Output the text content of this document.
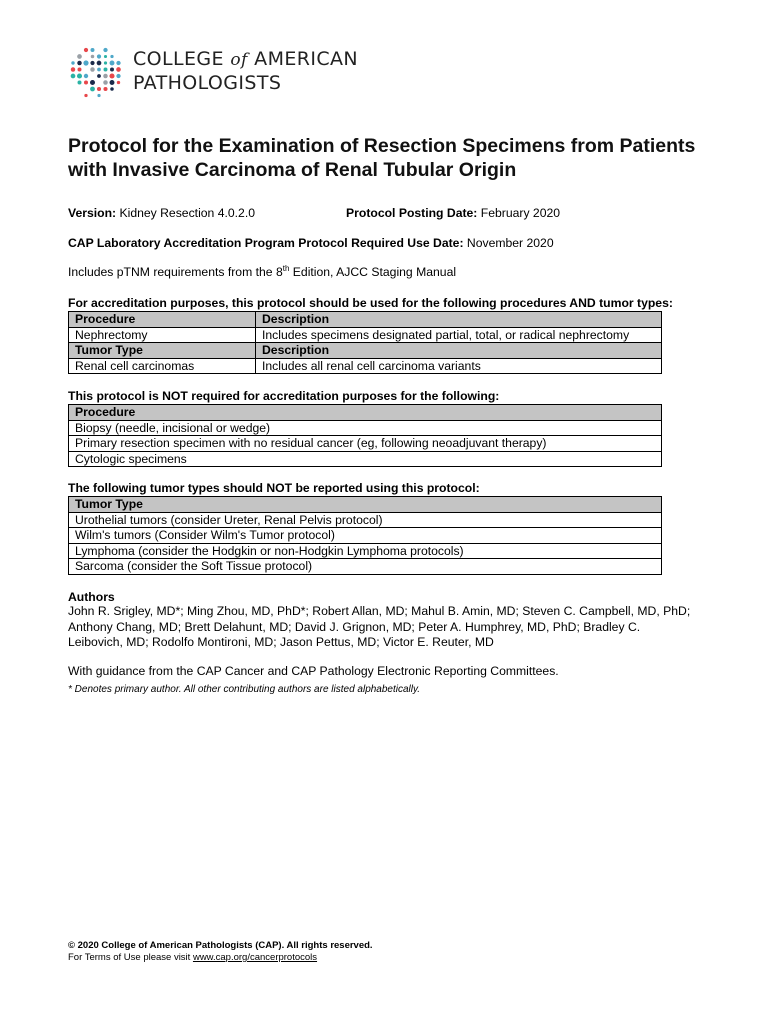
COLLEGE of AMERICAN
PATHOLOGISTS
Protocol for the Examination of Resection Specimens from Patients with Invasive Carcinoma of Renal Tubular Origin
Version: Kidney Resection 4.0.2.0	Protocol Posting Date: February 2020
CAP Laboratory Accreditation Program Protocol Required Use Date: November 2020
Includes pTNM requirements from the 8th Edition, AJCC Staging Manual
For accreditation purposes, this protocol should be used for the following procedures AND tumor types:
Procedure	Description
Nephrectomy	Includes specimens designated partial, total, or radical nephrectomy
Tumor Type	Description
Renal cell carcinomas	Includes all renal cell carcinoma variants
This protocol is NOT required for accreditation purposes for the following:
Procedure
Biopsy (needle, incisional or wedge)
Primary resection specimen with no residual cancer (eg, following neoadjuvant therapy)
Cytologic specimens
The following tumor types should NOT be reported using this protocol:
Tumor Type
Urothelial tumors (consider Ureter, Renal Pelvis protocol)
Wilm's tumors (Consider Wilm's Tumor protocol)
Lymphoma (consider the Hodgkin or non-Hodgkin Lymphoma protocols)
Sarcoma (consider the Soft Tissue protocol)
Authors
John R. Srigley, MD*; Ming Zhou, MD, PhD*; Robert Allan, MD; Mahul B. Amin, MD; Steven C. Campbell, MD, PhD; Anthony Chang, MD; Brett Delahunt, MD; David J. Grignon, MD; Peter A. Humphrey, MD, PhD; Bradley C. Leibovich, MD; Rodolfo Montironi, MD; Jason Pettus, MD; Victor E. Reuter, MD
With guidance from the CAP Cancer and CAP Pathology Electronic Reporting Committees.
* Denotes primary author. All other contributing authors are listed alphabetically.
© 2020 College of American Pathologists (CAP). All rights reserved.
For Terms of Use please visit www.cap.org/cancerprotocols
